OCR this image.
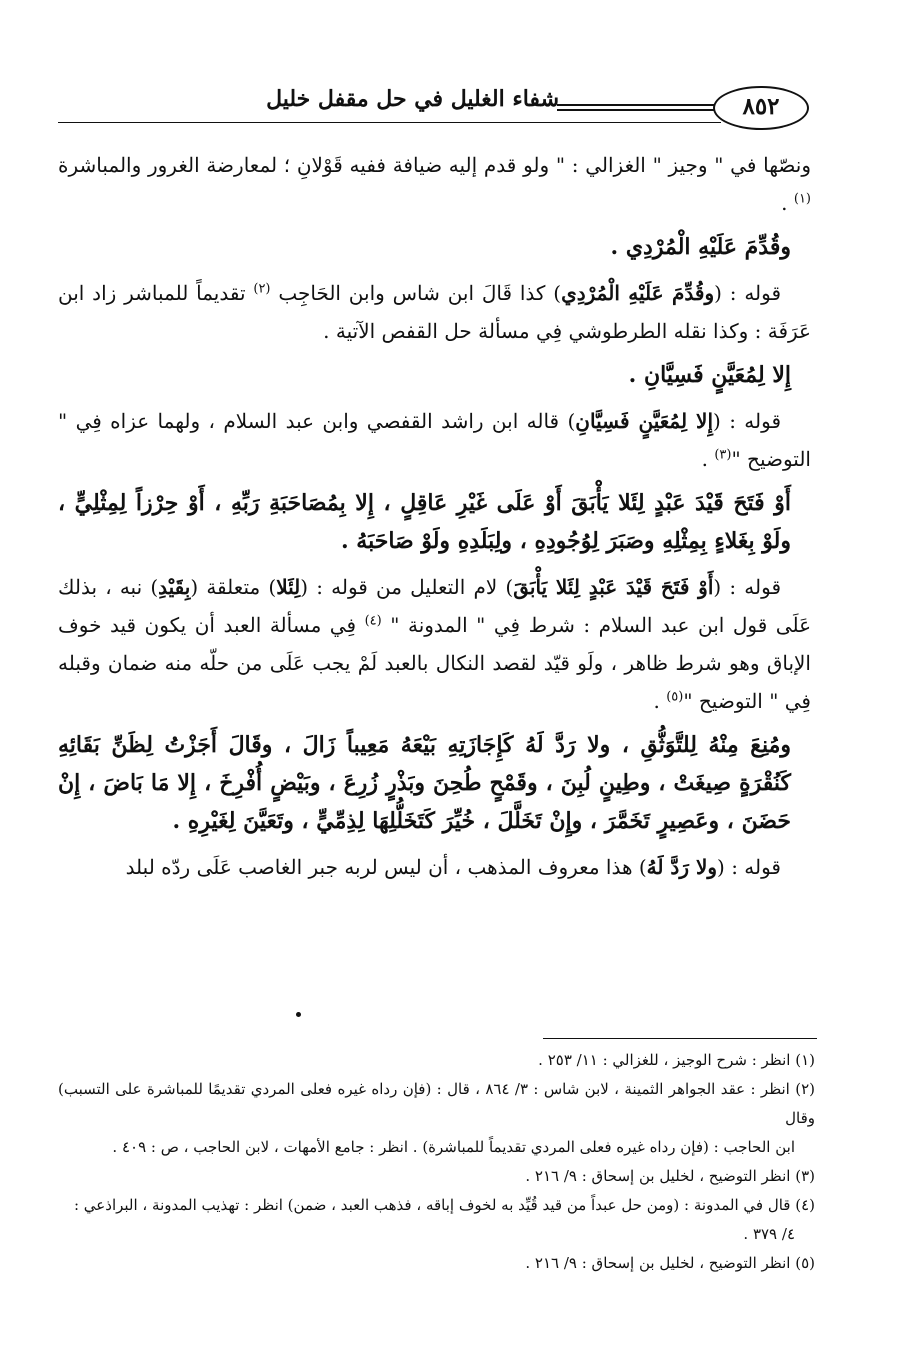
٨٥٢
شفاء الغليل في حل مقفل خليل

ونصّها في " وجيز " الغزالي : " ولو قدم إليه ضيافة ففيه قَوْلانِ ؛ لمعارضة الغرور والمباشرة $^{(١)}$ .

وقُدِّمَ عَلَيْهِ الْمُرْدِي .

قوله : (وقُدِّمَ عَلَيْهِ الْمُرْدِي) كذا قَالَ ابن شاس وابن الحَاجِب $^{(٢)}$ تقديماً للمباشر زاد ابن عَرَفَة : وكذا نقله الطرطوشي فِي مسألة حل القفص الآتية .

إِلا لِمُعَيَّنٍ فَسِيَّانِ .

قوله : (إِلا لِمُعَيَّنٍ فَسِيَّانِ) قاله ابن راشد القفصي وابن عبد السلام ، ولهما عزاه فِي " التوضيح "$^{(٣)}$ .

أَوْ فَتَحَ قَيْدَ عَبْدٍ لِئَلا يَأْبَقَ أَوْ عَلَى غَيْرِ عَاقِلٍ ، إِلا بِمُصَاحَبَةِ رَبِّهِ ، أَوْ حِرْزاً لِمِثْلِيٍّ ، ولَوْ بِغَلاءٍ بِمِثْلِهِ وصَبَرَ لِوُجُودِهِ ، ولِبَلَدِهِ ولَوْ صَاحَبَهُ .

قوله : (أَوْ فَتَحَ قَيْدَ عَبْدٍ لِئَلا يَأْبَقَ) لام التعليل من قوله : (لِئَلا) متعلقة (بِقَيْدِ) نبه ، بذلك عَلَى قول ابن عبد السلام : شرط فِي " المدونة " $^{(٤)}$ فِي مسألة العبد أن يكون قيد خوف الإباق وهو شرط ظاهر ، ولَو قيّد لقصد النكال بالعبد لَمْ يجب عَلَى من حلّه منه ضمان وقبله فِي " التوضيح "$^{(٥)}$ .

ومُنِعَ مِنْهُ لِلتَّوَثُّقِ ، ولا رَدَّ لَهُ كَإِجَازَتِهِ بَيْعَهُ مَعِيباً زَالَ ، وقَالَ أَجَزْتُ لِظَنِّ بَقَائِهِ كَنُقْرَةٍ صِيغَتْ ، وطِينٍ لُبِنَ ، وقَمْحٍ طُحِنَ وبَذْرٍ زُرِعَ ، وبَيْضٍ أُفْرِخَ ، إِلا مَا بَاضَ ، إِنْ حَضَنَ ، وعَصِيرٍ تَخَمَّرَ ، وإِنْ تَخَلَّلَ ، خُيِّرَ كَتَخَلُّلِهَا لِذِمِّيٍّ ، وتَعَيَّنَ لِغَيْرِهِ .

قوله : (ولا رَدَّ لَهُ) هذا معروف المذهب ، أن ليس لربه جبر الغاصب عَلَى ردّه لبلد

(١) انظر : شرح الوجيز ، للغزالي : ١١/ ٢٥٣ .

(٢) انظر : عقد الجواهر الثمينة ، لابن شاس : ٣/ ٨٦٤ ، قال : (فإن رداه غيره فعلى المردي تقديمًا للمباشرة على التسبب) وقال

ابن الحاجب : (فإن رداه غيره فعلى المردي تقديماً للمباشرة) . انظر : جامع الأمهات ، لابن الحاجب ، ص : ٤٠٩ .

(٣) انظر التوضيح ، لخليل بن إسحاق : ٩/ ٢١٦ .

(٤) قال في المدونة : (ومن حل عبداً من قيد قُيِّد به لخوف إباقه ، فذهب العبد ، ضمن) انظر : تهذيب المدونة ، البراذعي :

٤/ ٣٧٩ .

(٥) انظر التوضيح ، لخليل بن إسحاق : ٩/ ٢١٦ .
